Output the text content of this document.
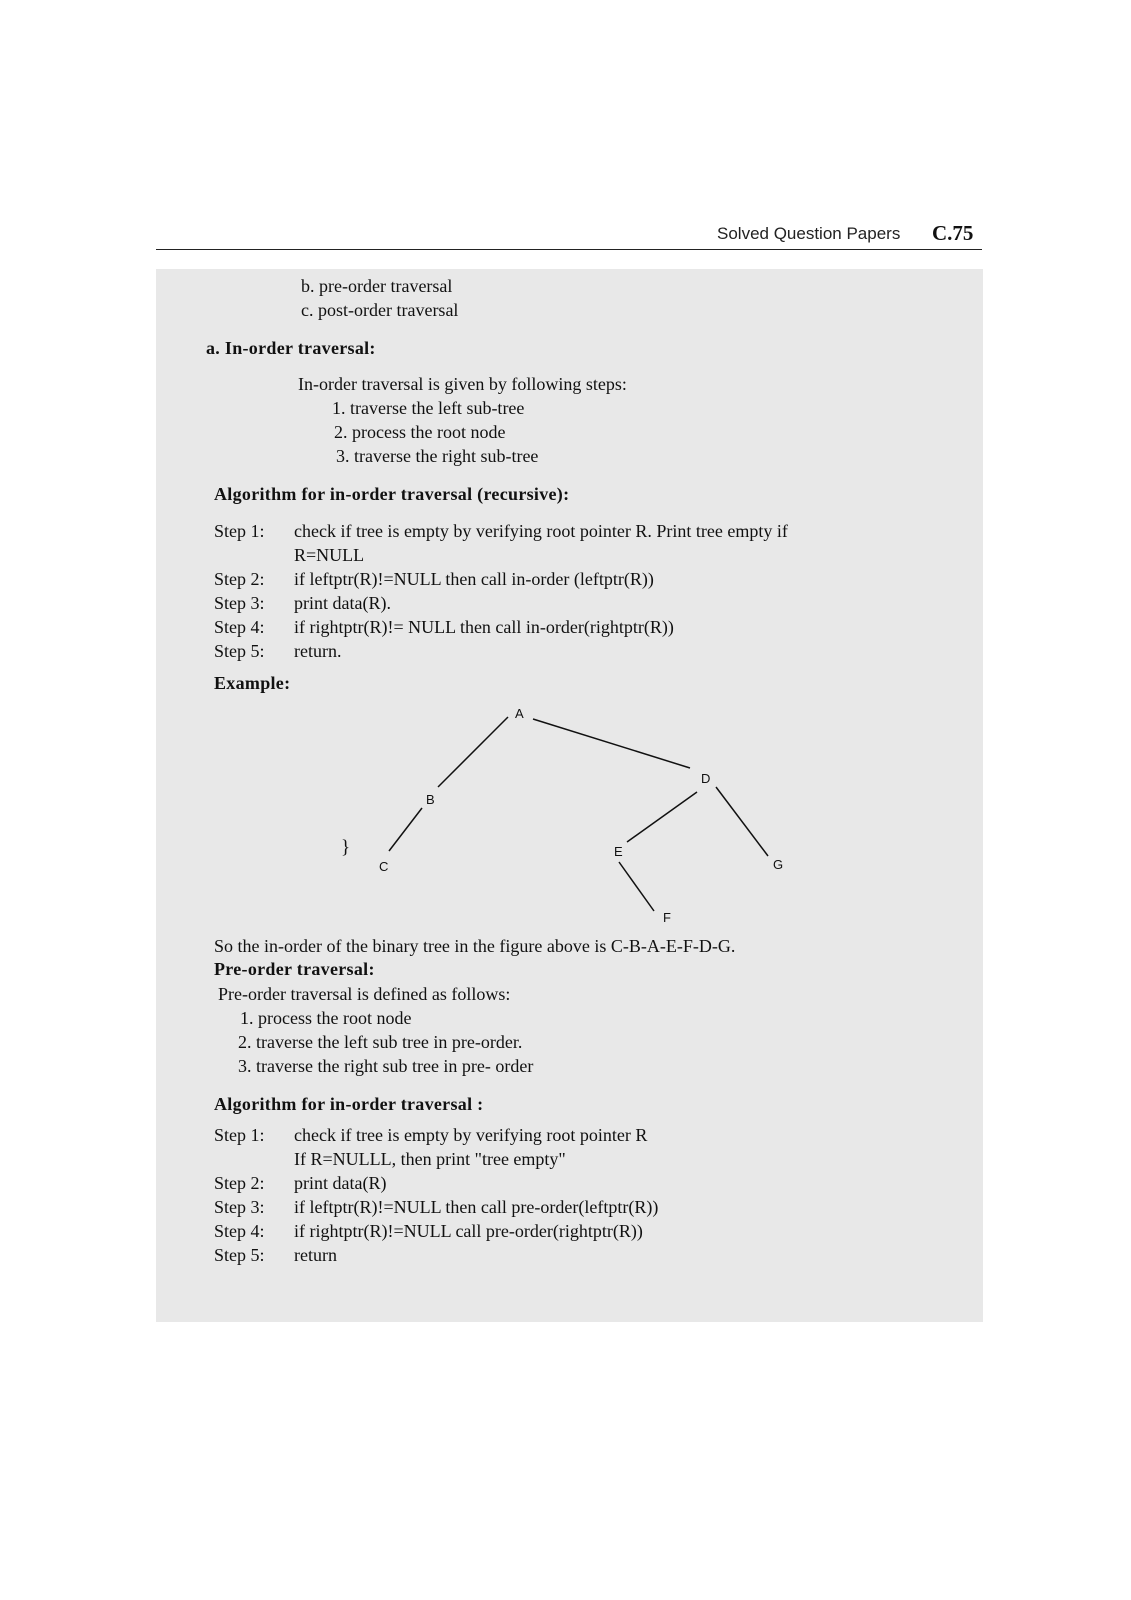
Solved Question Papers C.75
b. pre-order traversal
c. post-order traversal
a. In-order traversal:
In-order traversal is given by following steps:
1. traverse the left sub-tree
2. process the root node
3. traverse the right sub-tree
Algorithm for in-order traversal (recursive):
Step 1: check if tree is empty by verifying root pointer R. Print tree empty if
R=NULL
Step 2: if leftptr(R)!=NULL then call in-order (leftptr(R))
Step 3: print data(R).
Step 4: if rightptr(R)!= NULL then call in-order(rightptr(R))
Step 5: return.
Example:
A
B
C
D
E
F
G
}
So the in-order of the binary tree in the figure above is C-B-A-E-F-D-G.
Pre-order traversal:
Pre-order traversal is defined as follows:
1. process the root node
2. traverse the left sub tree in pre-order.
3. traverse the right sub tree in pre- order
Algorithm for in-order traversal :
Step 1: check if tree is empty by verifying root pointer R
If R=NULLL, then print "tree empty"
Step 2: print data(R)
Step 3: if leftptr(R)!=NULL then call pre-order(leftptr(R))
Step 4: if rightptr(R)!=NULL call pre-order(rightptr(R))
Step 5: return
